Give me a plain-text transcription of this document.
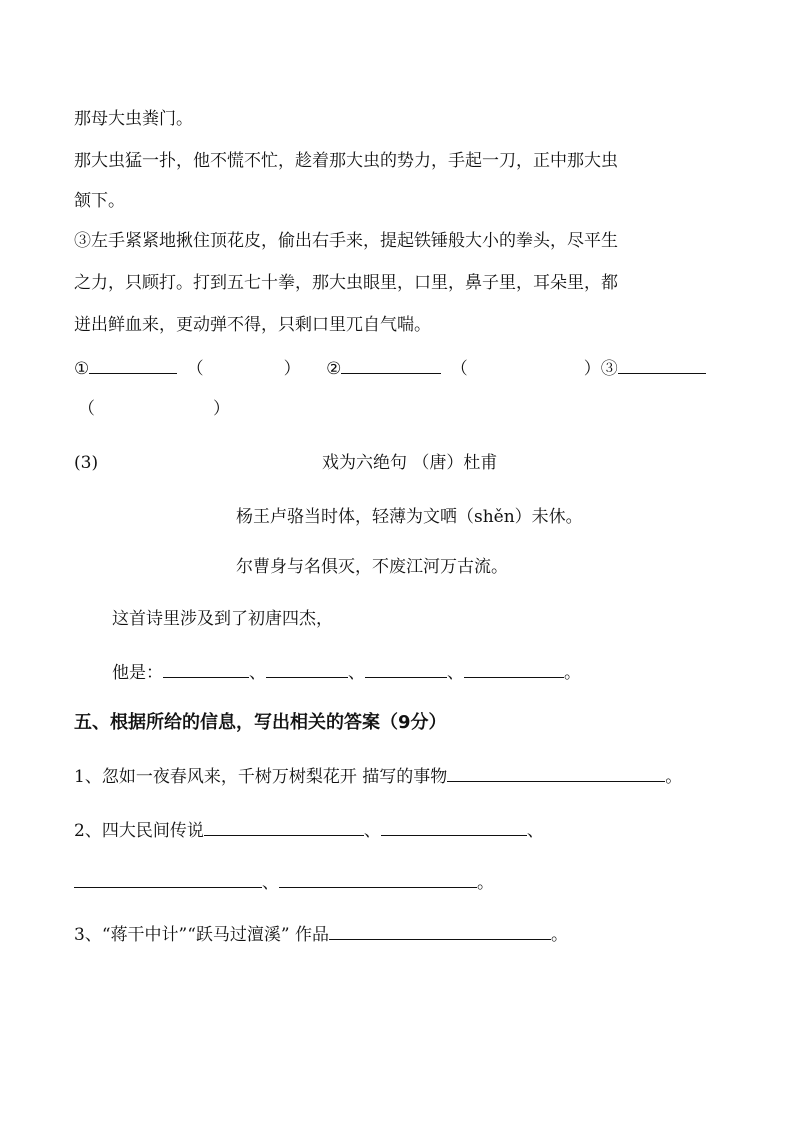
那母大虫粪门。
那大虫猛一扑，他不慌不忙，趁着那大虫的势力，手起一刀，正中那大虫
颔下。
③左手紧紧地揪住顶花皮，偷出右手来，提起铁锤般大小的拳头，尽平生
之力，只顾打。打到五七十拳，那大虫眼里，口里，鼻子里，耳朵里，都
迸出鲜血来，更动弹不得，只剩口里兀自气喘。
①	（	） ②	（	）③
（	）
(3)	戏为六绝句 （唐）杜甫
杨王卢骆当时体，轻薄为文哂（shěn）未休。
尔曹身与名俱灭，不废江河万古流。
这首诗里涉及到了初唐四杰，
他是：	、	、	、	。
五、根据所给的信息，写出相关的答案（9分）
1、忽如一夜春风来，千树万树梨花开 描写的事物	。
2、四大民间传说	、	、
、	。
3、“蒋干中计”“跃马过澶溪” 作品	。
